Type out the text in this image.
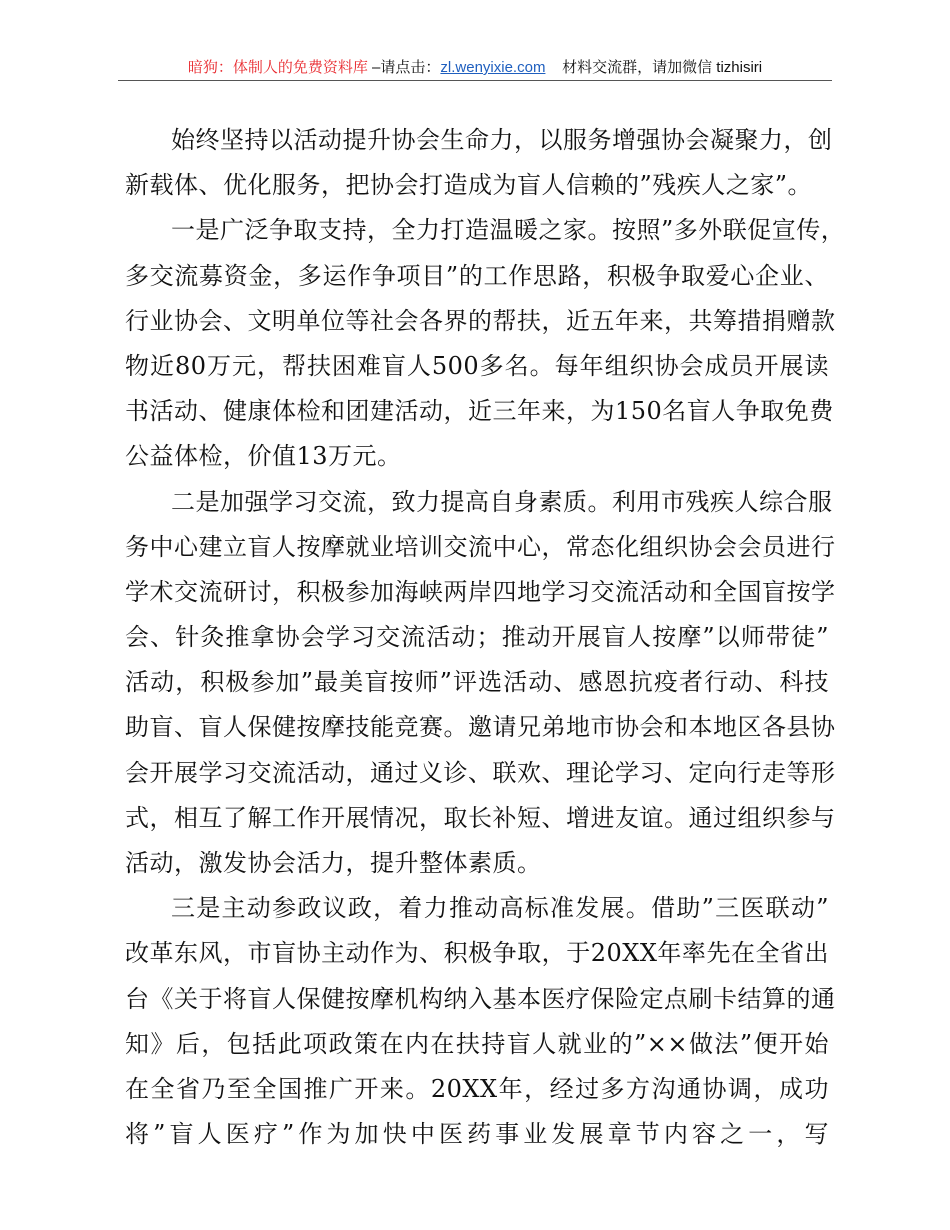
暗狗：体制人的免费资料库 –请点击：zl.wenyixie.com 材料交流群，请加微信 tizhisiri
始终坚持以活动提升协会生命力，以服务增强协会凝聚力，创
新载体、优化服务，把协会打造成为盲人信赖的”残疾人之家”。
一是广泛争取支持，全力打造温暖之家。按照”多外联促宣传，
多交流募资金，多运作争项目”的工作思路，积极争取爱心企业、
行业协会、文明单位等社会各界的帮扶，近五年来，共筹措捐赠款
物近80万元，帮扶困难盲人500多名。每年组织协会成员开展读
书活动、健康体检和团建活动，近三年来，为150名盲人争取免费
公益体检，价值13万元。
二是加强学习交流，致力提高自身素质。利用市残疾人综合服
务中心建立盲人按摩就业培训交流中心，常态化组织协会会员进行
学术交流研讨，积极参加海峡两岸四地学习交流活动和全国盲按学
会、针灸推拿协会学习交流活动；推动开展盲人按摩”以师带徒”
活动，积极参加”最美盲按师”评选活动、感恩抗疫者行动、科技
助盲、盲人保健按摩技能竞赛。邀请兄弟地市协会和本地区各县协
会开展学习交流活动，通过义诊、联欢、理论学习、定向行走等形
式，相互了解工作开展情况，取长补短、增进友谊。通过组织参与
活动，激发协会活力，提升整体素质。
三是主动参政议政，着力推动高标准发展。借助”三医联动”
改革东风，市盲协主动作为、积极争取，于20XX年率先在全省出
台《关于将盲人保健按摩机构纳入基本医疗保险定点刷卡结算的通
知》后，包括此项政策在内在扶持盲人就业的”××做法”便开始
在全省乃至全国推广开来。20XX年，经过多方沟通协调，成功
将”盲人医疗”作为加快中医药事业发展章节内容之一，写
